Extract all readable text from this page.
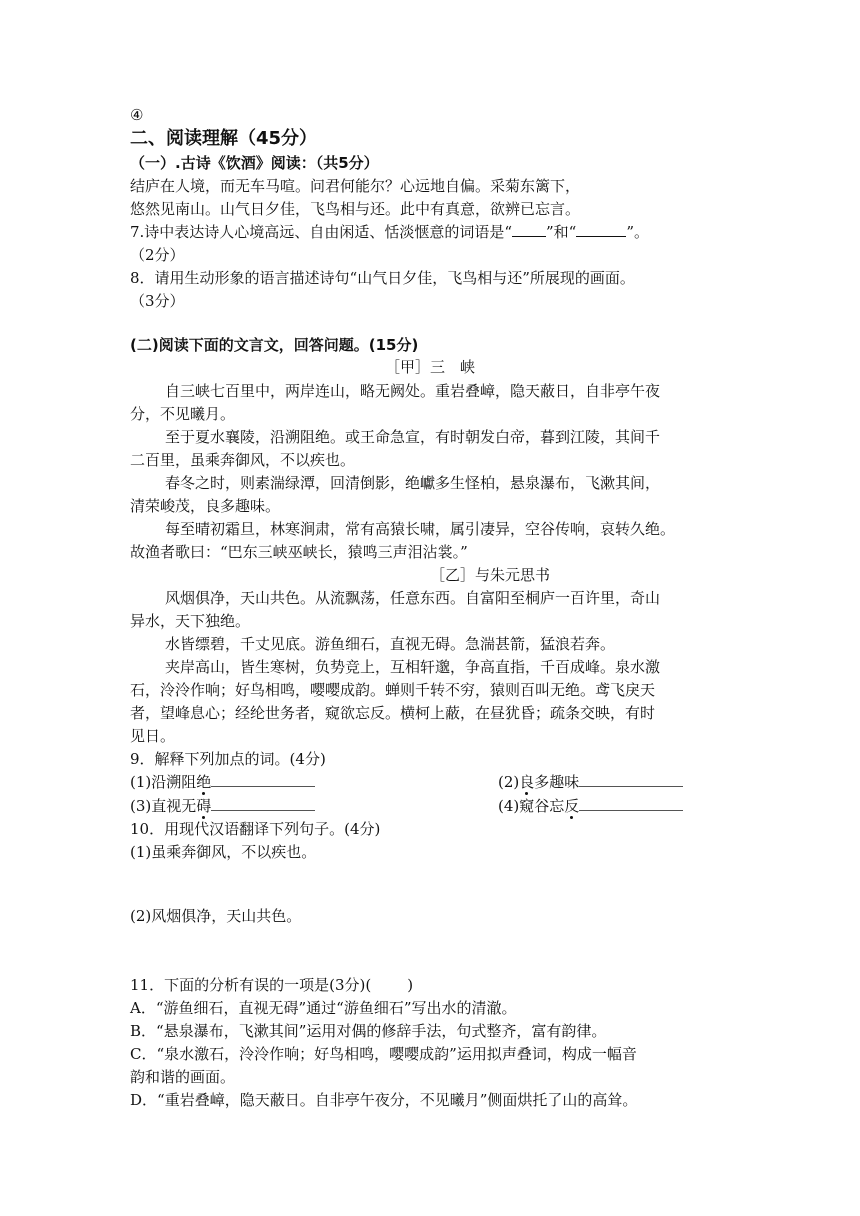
④
二、阅读理解（45分）
（一）.古诗《饮酒》阅读：（共5分）
结庐在人境，而无车马喧。问君何能尔？心远地自偏。采菊东篱下，
悠然见南山。山气日夕佳，飞鸟相与还。此中有真意，欲辨已忘言。
7.诗中表达诗人心境高远、自由闲适、恬淡惬意的词语是“ ”和“	”。
（2分）
8．请用生动形象的语言描述诗句“山气日夕佳，飞鸟相与还”所展现的画面。
（3分）
(二)阅读下面的文言文，回答问题。(15分)
［甲］三　峡
自三峡七百里中，两岸连山，略无阙处。重岩叠嶂，隐天蔽日，自非亭午夜
分，不见曦月。
至于夏水襄陵，沿溯阻绝。或王命急宣，有时朝发白帝，暮到江陵，其间千
二百里，虽乘奔御风，不以疾也。
春冬之时，则素湍绿潭，回清倒影，绝巘多生怪柏，悬泉瀑布，飞漱其间，
清荣峻茂，良多趣味。
每至晴初霜旦，林寒涧肃，常有高猿长啸，属引凄异，空谷传响，哀转久绝。
故渔者歌曰：“巴东三峡巫峡长，猿鸣三声泪沾裳。”
［乙］与朱元思书
风烟俱净，天山共色。从流飘荡，任意东西。自富阳至桐庐一百许里，奇山
异水，天下独绝。
水皆缥碧，千丈见底。游鱼细石，直视无碍。急湍甚箭，猛浪若奔。
夹岸高山，皆生寒树，负势竞上，互相轩邈，争高直指，千百成峰。泉水激
石，泠泠作响；好鸟相鸣，嘤嘤成韵。蝉则千转不穷，猿则百叫无绝。鸢飞戾天
者，望峰息心；经纶世务者，窥欲忘反。横柯上蔽，在昼犹昏；疏条交映，有时
见日。
9．解释下列加点的词。(4分)
(1)沿溯阻绝	(2)良多趣味
(3)直视无碍	(4)窥谷忘反
10．用现代汉语翻译下列句子。(4分)
(1)虽乘奔御风，不以疾也。
(2)风烟俱净，天山共色。
11．下面的分析有误的一项是(3分)( )
A．“游鱼细石，直视无碍”通过“游鱼细石”写出水的清澈。
B．“悬泉瀑布，飞漱其间”运用对偶的修辞手法，句式整齐，富有韵律。
C．“泉水激石，泠泠作响；好鸟相鸣，嘤嘤成韵”运用拟声叠词，构成一幅音
韵和谐的画面。
D．“重岩叠嶂，隐天蔽日。自非亭午夜分，不见曦月”侧面烘托了山的高耸。
